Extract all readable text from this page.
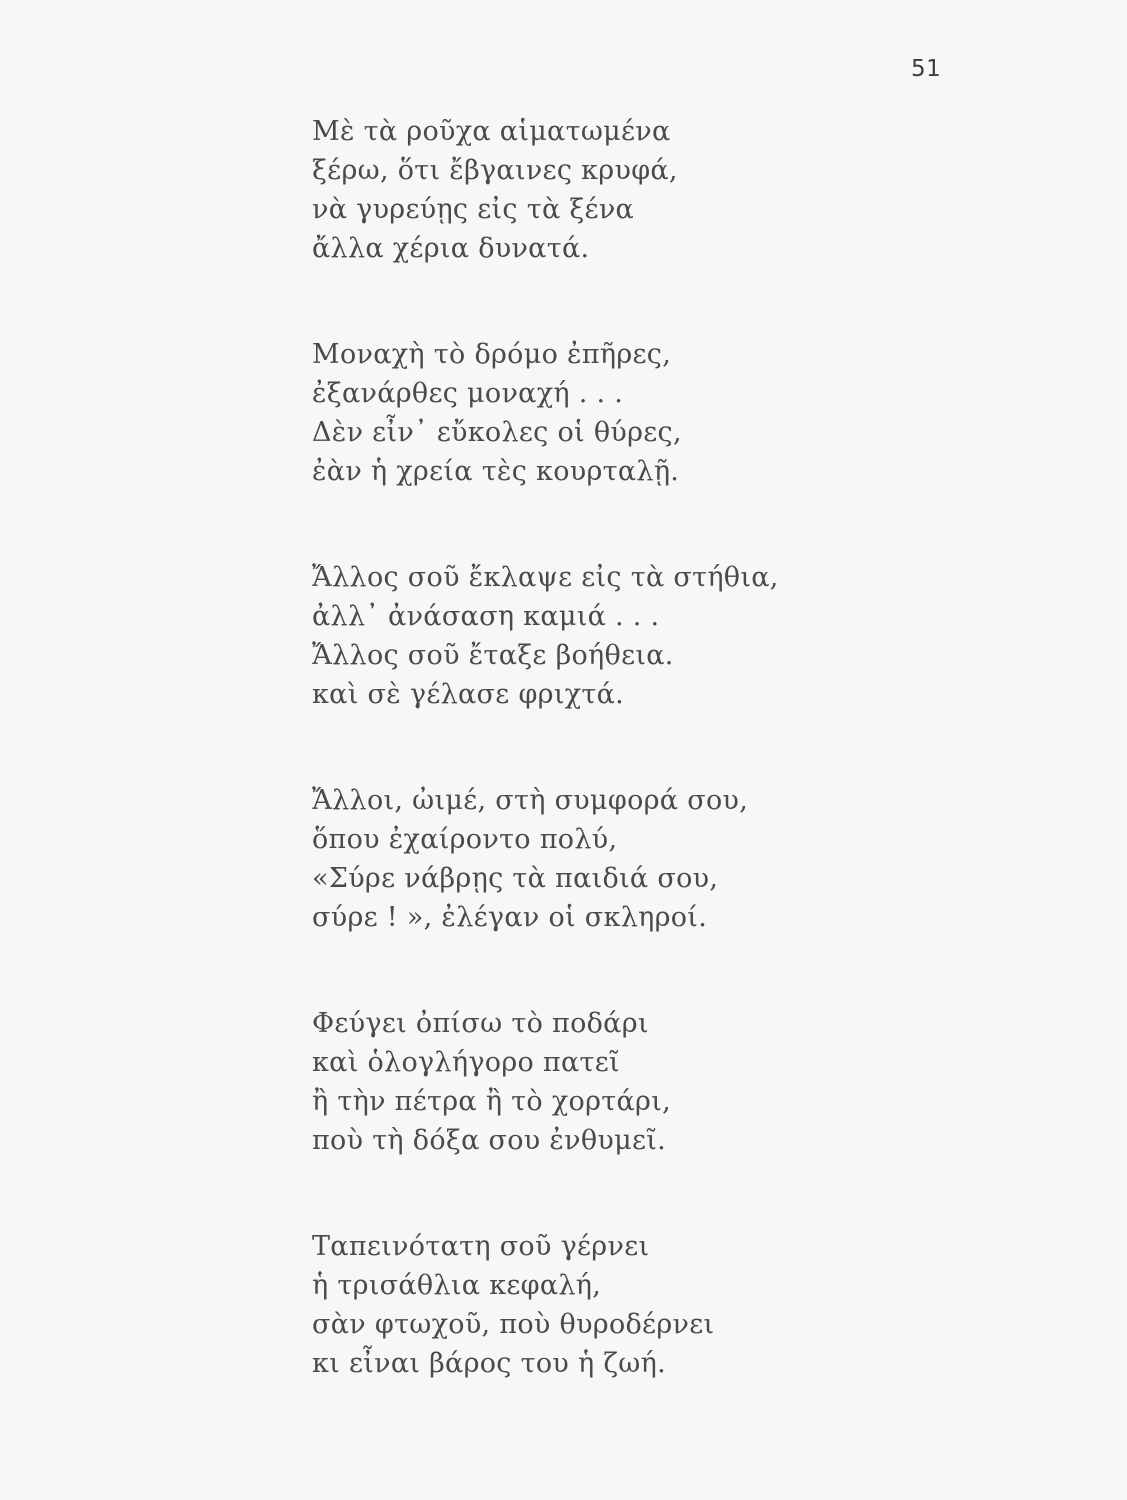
51
Μὲ τὰ ροῦχα αἱματωμένα
ξέρω, ὅτι ἔβγαινες κρυφά,
νὰ γυρεύῃς εἰς τὰ ξένα
ἄλλα χέρια δυνατά.
Μοναχὴ τὸ δρόμο ἐπῆρες,
ἐξανάρθες μοναχή . . .
Δὲν εἶν᾽ εὔκολες οἱ θύρες,
ἐὰν ἡ χρεία τὲς κουρταλῇ.
Ἄλλος σοῦ ἔκλαψε εἰς τὰ στήθια,
ἀλλ᾽ ἀνάσαση καμιά . . .
Ἄλλος σοῦ ἔταξε βοήθεια.
καὶ σὲ γέλασε φριχτά.
Ἄλλοι, ὠιμέ, στὴ συμφορά σου,
ὅπου ἐχαίροντο πολύ,
«Σύρε νάβρῃς τὰ παιδιά σου,
σύρε ! », ἐλέγαν οἱ σκληροί.
Φεύγει ὀπίσω τὸ ποδάρι
καὶ ὁλογλήγορο πατεῖ
ἢ τὴν πέτρα ἢ τὸ χορτάρι,
ποὺ τὴ δόξα σου ἐνθυμεῖ.
Ταπεινότατη σοῦ γέρνει
ἡ τρισάθλια κεφαλή,
σὰν φτωχοῦ, ποὺ θυροδέρνει
κι εἶναι βάρος του ἡ ζωή.
